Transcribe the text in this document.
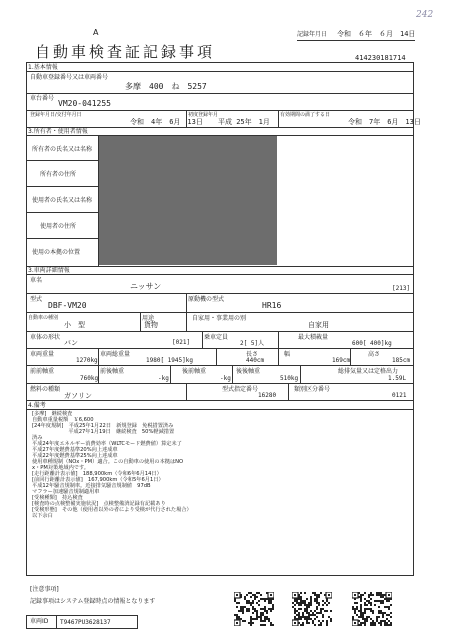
242
A
自動車検査証記録事項
記録年月日 令和　６年　６月　14日
414230181714
1.基本情報
自動車登録番号又は車両番号
多摩　400　ね　5257
車台番号
VM20-041255
登録年月日/交付年月日
令和　4年　6月　13日
初度登録年月
平成 25年　1月
有効期間の満了する日
令和　7年　6月　13日
3.所有者・使用者情報
所有者の氏名又は名称
所有者の住所
使用者の氏名又は名称
使用者の住所
使用の本拠の位置
3.車両詳細情報
車名
ニッサン	[213]
型式
DBF-VM20
原動機の型式
HR16
自動車の種別
小　型
用途
貨物
自家用・事業用の別
自家用
車体の形状
バン	[021]
乗車定員
2[ 5]人
最大積載量
600[ 400]kg
車両重量
1270kg
車両総重量
1980[ 1945]kg
長さ
440cm
幅
169cm
高さ
185cm
前前軸重
760kg
前後軸重
-kg
後前軸重
-kg
後後軸重
510kg
総排気量又は定格出力
1.59L
燃料の種類
ガソリン
型式指定番号
16280
類別区分番号
0121
4.備考
[多摩]　継続検査
自動車重量税額　￥6,600
[24年度規制]　平成25年1月22日　新規登録　免税措置済み
　　　　　　　平成27年1月19日　継続検査　50%軽減措置
済み
平成24年度エネルギー消費効率（WLTCモード燃費値）算定未了
平成27年度燃費基準20%向上達成車
平成22年度燃費基準25%向上達成車
使用車種規制（NOx・PM）適合。この自動車の使用の本拠はNO
x・PM対策地域内です。
[走行距離計表示値]　188,900km（令和6年6月14日）
[前回行距離計表示値]　167,900km（令和5年6月1日）
平成12年騒音規制車。近接排気騒音規制値　97dB
マフラー加速騒音規制適用車
[受検種類]　持込検査
[検査時の点検整備実施状況]　点検整備済記録有記載あり
[受検形態]　その他（使用者以外の者により受検が代行された場合）
以下余白
[注意事項]
記録事項はシステム登録時点の情報となります
車両ID T9467PU3628137
